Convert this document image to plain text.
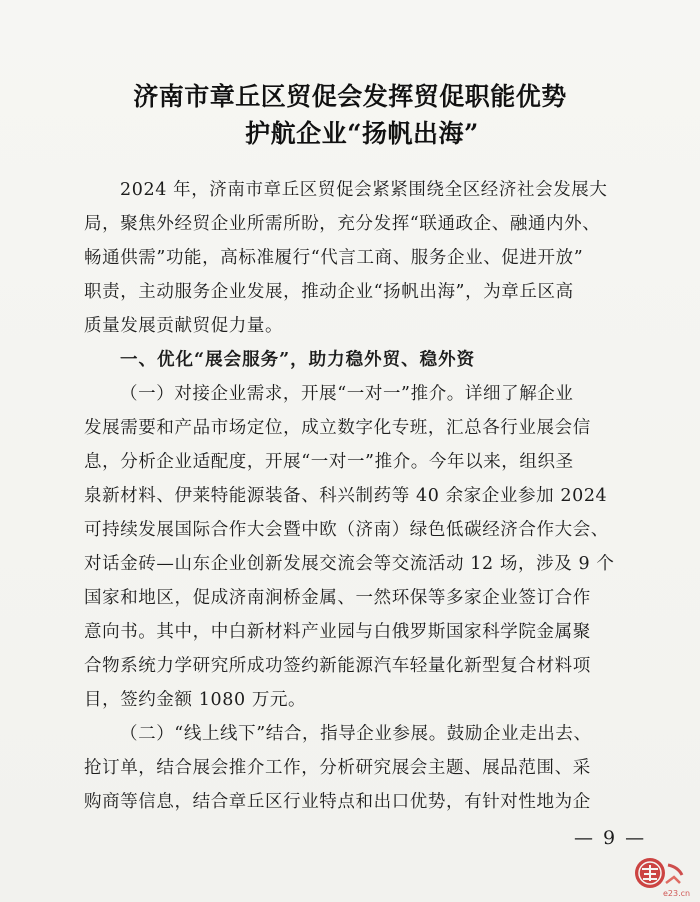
济南市章丘区贸促会发挥贸促职能优势
护航企业“扬帆出海”
2024 年，济南市章丘区贸促会紧紧围绕全区经济社会发展大
局，聚焦外经贸企业所需所盼，充分发挥“联通政企、融通内外、
畅通供需”功能，高标准履行“代言工商、服务企业、促进开放”
职责，主动服务企业发展，推动企业“扬帆出海”，为章丘区高
质量发展贡献贸促力量。
一、优化“展会服务”，助力稳外贸、稳外资
（一）对接企业需求，开展“一对一”推介。详细了解企业
发展需要和产品市场定位，成立数字化专班，汇总各行业展会信
息，分析企业适配度，开展“一对一”推介。今年以来，组织圣
泉新材料、伊莱特能源装备、科兴制药等 40 余家企业参加 2024
可持续发展国际合作大会暨中欧（济南）绿色低碳经济合作大会、
对话金砖—山东企业创新发展交流会等交流活动 12 场，涉及 9 个
国家和地区，促成济南涧桥金属、一然环保等多家企业签订合作
意向书。其中，中白新材料产业园与白俄罗斯国家科学院金属聚
合物系统力学研究所成功签约新能源汽车轻量化新型复合材料项
目，签约金额 1080 万元。
（二）“线上线下”结合，指导企业参展。鼓励企业走出去、
抢订单，结合展会推介工作，分析研究展会主题、展品范围、采
购商等信息，结合章丘区行业特点和出口优势，有针对性地为企
— 9 —
e23.cn
